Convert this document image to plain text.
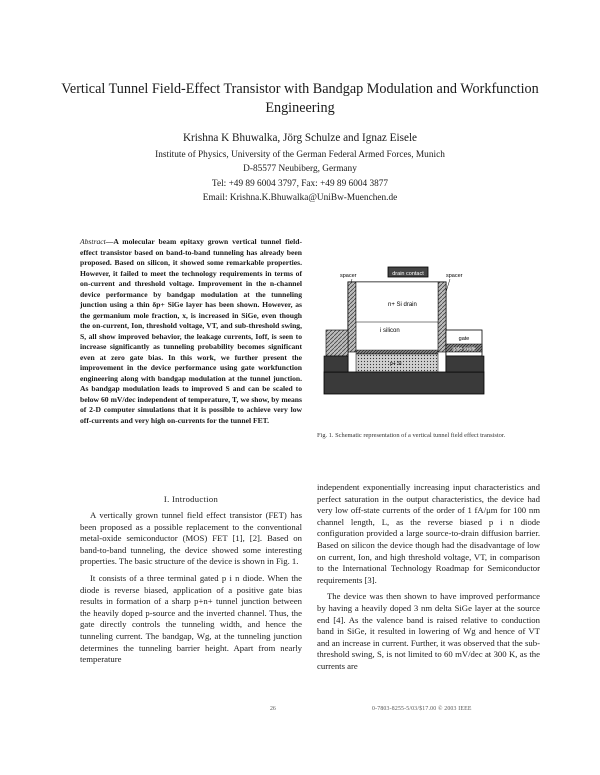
Vertical Tunnel Field-Effect Transistor with Bandgap Modulation and Workfunction Engineering
Krishna K Bhuwalka, Jörg Schulze and Ignaz Eisele
Institute of Physics, University of the German Federal Armed Forces, Munich
D-85577 Neubiberg, Germany
Tel: +49 89 6004 3797, Fax: +49 89 6004 3877
Email: Krishna.K.Bhuwalka@UniBw-Muenchen.de
Abstract—A molecular beam epitaxy grown vertical tunnel field-effect transistor based on band-to-band tunneling has already been proposed. Based on silicon, it showed some remarkable properties. However, it failed to meet the technology requirements in terms of on-current and threshold voltage. Improvement in the n-channel device performance by bandgap modulation at the tunneling junction using a thin δp+ SiGe layer has been shown. However, as the germanium mole fraction, x, is increased in SiGe, even though the on-current, Ion, threshold voltage, VT, and sub-threshold swing, S, all show improved behavior, the leakage currents, Ioff, is seen to increase significantly as tunneling probability becomes significant even at zero gate bias. In this work, we further present the improvement in the device performance using gate workfunction engineering along with bandgap modulation at the tunnel junction. As bandgap modulation leads to improved S and can be scaled to below 60 mV/dec independent of temperature, T, we show, by means of 2-D computer simulations that it is possible to achieve very low off-currents and very high on-currents for the tunnel FET.
I. Introduction

A vertically grown tunnel field effect transistor (FET) has been proposed as a possible replacement to the conventional metal-oxide semiconductor (MOS) FET [1], [2]. Based on band-to-band tunneling, the device showed some interesting properties. The basic structure of the device is shown in Fig. 1.

It consists of a three terminal gated p i n diode. When the diode is reverse biased, application of a positive gate bias results in formation of a sharp p+n+ tunnel junction between the heavily doped p-source and the inverted channel. Thus, the gate directly controls the tunneling width, and hence the tunneling current. The bandgap, Wg, at the tunneling junction determines the tunneling barrier height. Apart from nearly temperature

drain contact
spacer	spacer
n+ Si drain
i silicon
gate
gate oxide
p+ Si
Fig. 1. Schematic representation of a vertical tunnel field effect transistor.

independent exponentially increasing input characteristics and perfect saturation in the output characteristics, the device had very low off-state currents of the order of 1 fA/μm for 100 nm channel length, L, as the reverse biased p i n diode configuration provided a large source-to-drain diffusion barrier. Based on silicon the device though had the disadvantage of low on current, Ion, and high threshold voltage, VT, in comparison to the International Technology Roadmap for Semiconductor requirements [3].

The device was then shown to have improved performance by having a heavily doped 3 nm delta SiGe layer at the source end [4]. As the valence band is raised relative to conduction band in SiGe, it resulted in lowering of Wg and hence of VT and an increase in current. Further, it was observed that the sub-threshold swing, S, is not limited to 60 mV/dec at 300 K, as the currents are

26	0-7803-8255-5/03/$17.00 © 2003 IEEE
